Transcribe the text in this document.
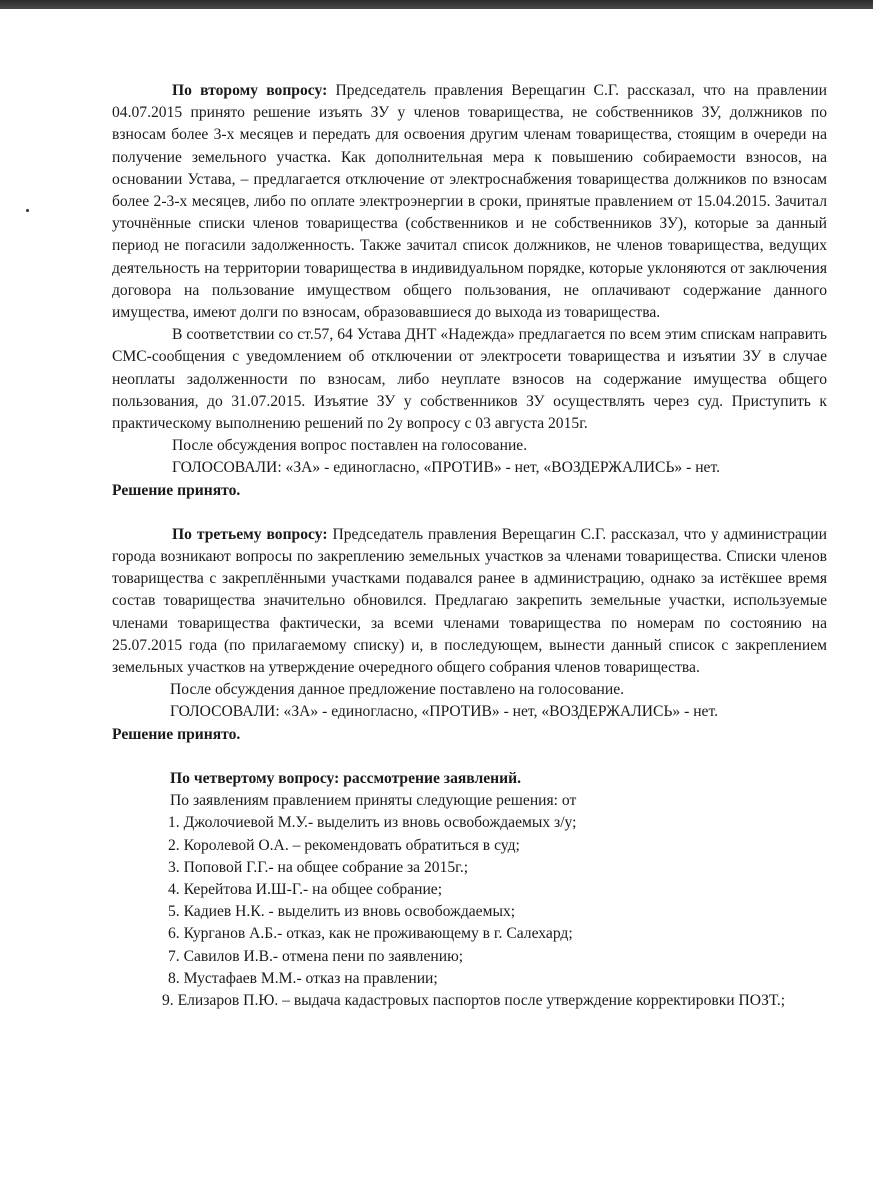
По второму вопросу: Председатель правления Верещагин С.Г. рассказал, что на правлении 04.07.2015 принято решение изъять ЗУ у членов товарищества, не собственников ЗУ, должников по взносам более 3-х месяцев и передать для освоения другим членам товарищества, стоящим в очереди на получение земельного участка. Как дополнительная мера к повышению собираемости взносов, на основании Устава, – предлагается отключение от электроснабжения товарищества должников по взносам более 2-3-х месяцев, либо по оплате электроэнергии в сроки, принятые правлением от 15.04.2015. Зачитал уточнённые списки членов товарищества (собственников и не собственников ЗУ), которые за данный период не погасили задолженность. Также зачитал список должников, не членов товарищества, ведущих деятельность на территории товарищества в индивидуальном порядке, которые уклоняются от заключения договора на пользование имуществом общего пользования, не оплачивают содержание данного имущества, имеют долги по взносам, образовавшиеся до выхода из товарищества.

В соответствии со ст.57, 64 Устава ДНТ «Надежда» предлагается по всем этим спискам направить СМС-сообщения с уведомлением об отключении от электросети товарищества и изъятии ЗУ в случае неоплаты задолженности по взносам, либо неуплате взносов на содержание имущества общего пользования, до 31.07.2015. Изъятие ЗУ у собственников ЗУ осуществлять через суд. Приступить к практическому выполнению решений по 2у вопросу с 03 августа 2015г.

После обсуждения вопрос поставлен на голосование.

ГОЛОСОВАЛИ: «ЗА» - единогласно, «ПРОТИВ» - нет, «ВОЗДЕРЖАЛИСЬ» - нет.

Решение принято.

По третьему вопросу: Председатель правления Верещагин С.Г. рассказал, что у администрации города возникают вопросы по закреплению земельных участков за членами товарищества. Списки членов товарищества с закреплёнными участками подавался ранее в администрацию, однако за истёкшее время состав товарищества значительно обновился. Предлагаю закрепить земельные участки, используемые членами товарищества фактически, за всеми членами товарищества по номерам по состоянию на 25.07.2015 года (по прилагаемому списку) и, в последующем, вынести данный список с закреплением земельных участков на утверждение очередного общего собрания членов товарищества.

После обсуждения данное предложение поставлено на голосование.

ГОЛОСОВАЛИ: «ЗА» - единогласно, «ПРОТИВ» - нет, «ВОЗДЕРЖАЛИСЬ» - нет.

Решение принято.

По четвертому вопросу: рассмотрение заявлений.

По заявлениям правлением приняты следующие решения: от

1. Джолочиевой М.У.- выделить из вновь освобождаемых з/у;

2. Королевой О.А. – рекомендовать обратиться в суд;

3. Поповой Г.Г.- на общее собрание за 2015г.;

4. Керейтова И.Ш-Г.- на общее собрание;

5. Кадиев Н.К. - выделить из вновь освобождаемых;

6. Курганов А.Б.- отказ, как не проживающему в г. Салехард;

7. Савилов И.В.- отмена пени по заявлению;

8. Мустафаев М.М.- отказ на правлении;

9. Елизаров П.Ю. – выдача кадастровых паспортов после утверждение корректировки ПОЗТ.;
